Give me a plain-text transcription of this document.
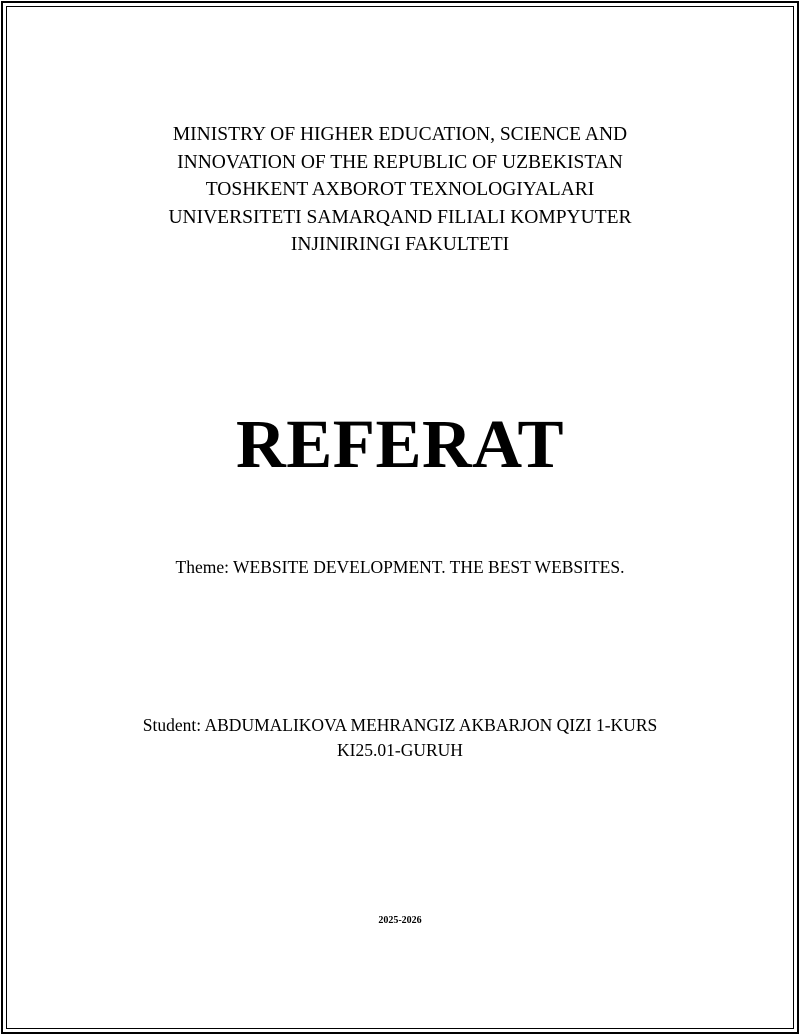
MINISTRY OF HIGHER EDUCATION, SCIENCE AND
INNOVATION OF THE REPUBLIC OF UZBEKISTAN
TOSHKENT AXBOROT TEXNOLOGIYALARI
UNIVERSITETI SAMARQAND FILIALI KOMPYUTER
INJINIRINGI FAKULTETI
REFERAT
Theme: WEBSITE DEVELOPMENT. THE BEST WEBSITES.
Student: ABDUMALIKOVA MEHRANGIZ AKBARJON QIZI 1-KURS
KI25.01-GURUH
2025-2026
